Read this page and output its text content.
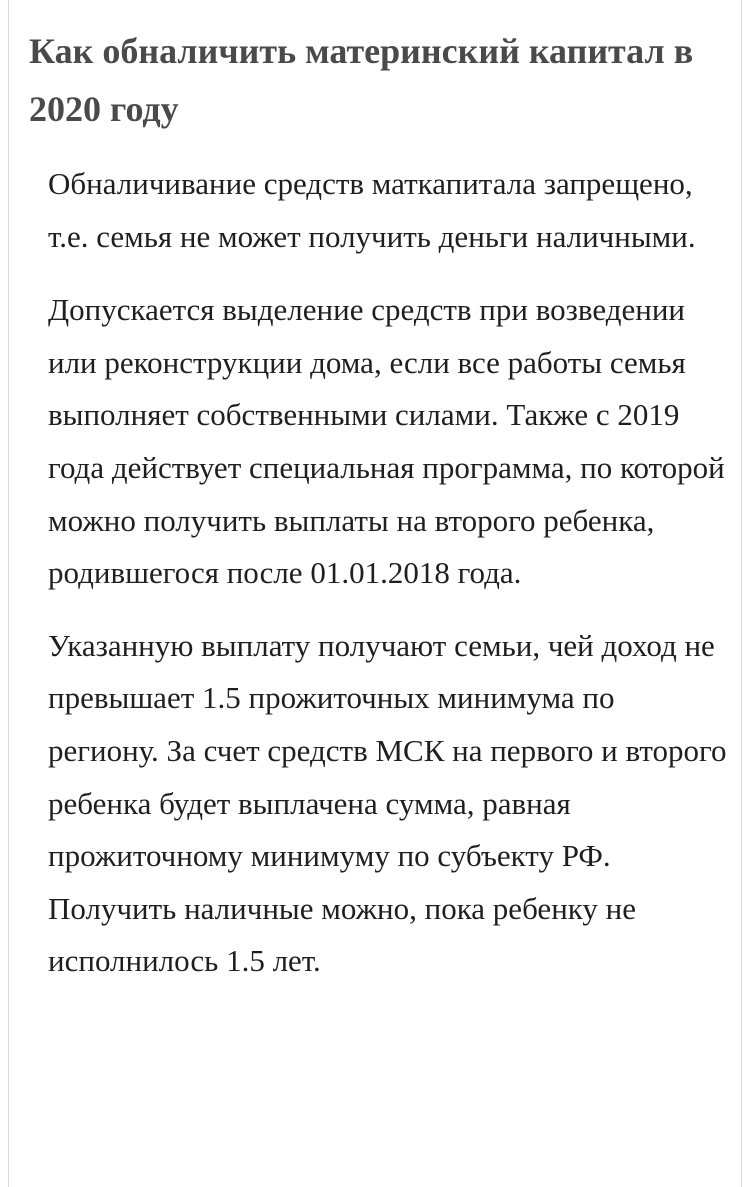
Как обналичить материнский капитал в 2020 году

Обналичивание средств маткапитала запрещено, т.е. семья не может получить деньги наличными.

Допускается выделение средств при возведении или реконструкции дома, если все работы семья выполняет собственными силами. Также с 2019 года действует специальная программа, по которой можно получить выплаты на второго ребенка, родившегося после 01.01.2018 года.

Указанную выплату получают семьи, чей доход не превышает 1.5 прожиточных минимума по региону. За счет средств МСК на первого и второго ребенка будет выплачена сумма, равная прожиточному минимуму по субъекту РФ. Получить наличные можно, пока ребенку не исполнилось 1.5 лет.
